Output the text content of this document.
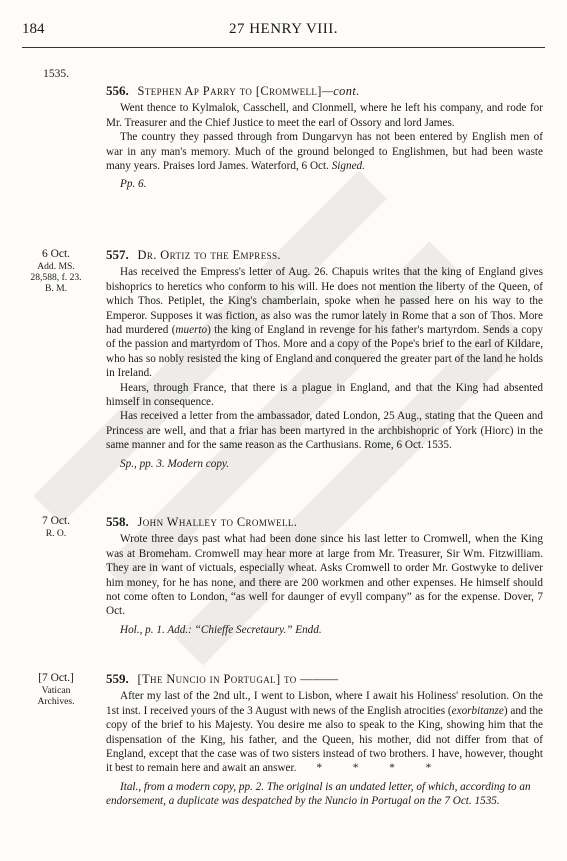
184	27 HENRY VIII.
1535.
556. Stephen Ap Parry to [Cromwell]—cont.

Went thence to Kylmalok, Casschell, and Clonmell, where he left his company, and rode for Mr. Treasurer and the Chief Justice to meet the earl of Ossory and lord James.

The country they passed through from Dungarvyn has not been entered by English men of war in any man's memory. Much of the ground belonged to Englishmen, but had been waste many years. Praises lord James. Waterford, 6 Oct. Signed.

Pp. 6.
6 Oct.
Add. MS.
28,588, f. 23.
B. M.
557. Dr. Ortiz to the Empress.

Has received the Empress's letter of Aug. 26. Chapuis writes that the king of England gives bishoprics to heretics who conform to his will. He does not mention the liberty of the Queen, of which Thos. Petiplet, the King's chamberlain, spoke when he passed here on his way to the Emperor. Supposes it was fiction, as also was the rumor lately in Rome that a son of Thos. More had murdered (muerto) the king of England in revenge for his father's martyrdom. Sends a copy of the passion and martyrdom of Thos. More and a copy of the Pope's brief to the earl of Kildare, who has so nobly resisted the king of England and conquered the greater part of the land he holds in Ireland.

Hears, through France, that there is a plague in England, and that the King had absented himself in consequence.

Has received a letter from the ambassador, dated London, 25 Aug., stating that the Queen and Princess are well, and that a friar has been martyred in the archbishopric of York (Hiorc) in the same manner and for the same reason as the Carthusians. Rome, 6 Oct. 1535.

Sp., pp. 3. Modern copy.
7 Oct.
R. O.
558. John Whalley to Cromwell.

Wrote three days past what had been done since his last letter to Cromwell, when the King was at Bromeham. Cromwell may hear more at large from Mr. Treasurer, Sir Wm. Fitzwilliam. They are in want of victuals, especially wheat. Asks Cromwell to order Mr. Gostwyke to deliver him money, for he has none, and there are 200 workmen and other expenses. He himself should not come often to London, “as well for daunger of evyll company” as for the expense. Dover, 7 Oct.

Hol., p. 1. Add.: “Chieffe Secretaury.” Endd.
[7 Oct.]
Vatican
Archives.
559. [The Nuncio in Portugal] to ———

After my last of the 2nd ult., I went to Lisbon, where I await his Holiness' resolution. On the 1st inst. I received yours of the 3 August with news of the English atrocities (exorbitanze) and the copy of the brief to his Majesty. You desire me also to speak to the King, showing him that the dispensation of the King, his father, and the Queen, his mother, did not differ from that of England, except that the case was of two sisters instead of two brothers. I have, however, thought it best to remain here and await an answer. * * * *

Ital., from a modern copy, pp. 2. The original is an undated letter, of which, according to an endorsement, a duplicate was despatched by the Nuncio in Portugal on the 7 Oct. 1535.
